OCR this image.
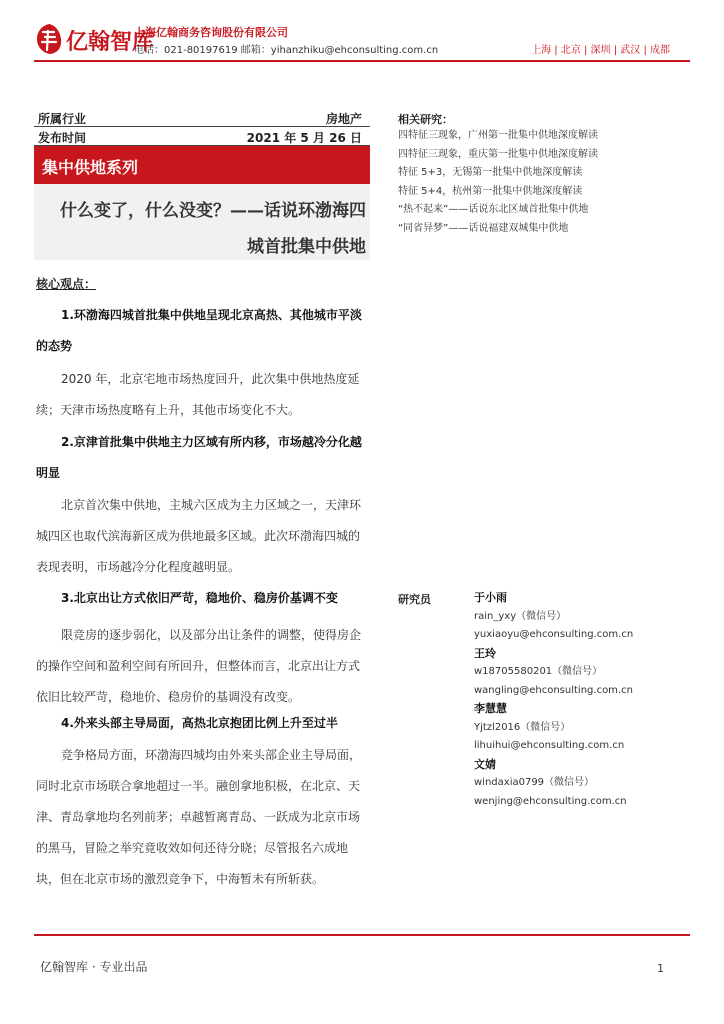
亿翰智库
上海亿翰商务咨询股份有限公司
电话：021-80197619 邮箱：yihanzhiku@ehconsulting.com.cn	上海 | 北京 | 深圳 | 武汉 | 成都
所属行业	房地产
发布时间	2021 年 5 月 26 日
集中供地系列
什么变了，什么没变？——话说环渤海四
城首批集中供地
相关研究：
四特征三现象，广州第一批集中供地深度解读
四特征三现象，重庆第一批集中供地深度解读
特征 5+3，无锡第一批集中供地深度解读
特征 5+4，杭州第一批集中供地深度解读
“热不起来”——话说东北区域首批集中供地
“同省异梦”——话说福建双城集中供地
核心观点：
1.环渤海四城首批集中供地呈现北京高热、其他城市平淡的态势
2020 年，北京宅地市场热度回升，此次集中供地热度延续；天津市场热度略有上升，其他市场变化不大。
2.京津首批集中供地主力区域有所内移，市场越冷分化越明显
北京首次集中供地，主城六区成为主力区域之一，天津环城四区也取代滨海新区成为供地最多区域。此次环渤海四城的表现表明，市场越冷分化程度越明显。
3.北京出让方式依旧严苛，稳地价、稳房价基调不变
限竞房的逐步弱化，以及部分出让条件的调整，使得房企的操作空间和盈利空间有所回升，但整体而言，北京出让方式依旧比较严苛，稳地价、稳房价的基调没有改变。
4.外来头部主导局面，高热北京抱团比例上升至过半
竞争格局方面，环渤海四城均由外来头部企业主导局面，同时北京市场联合拿地超过一半。融创拿地积极，在北京、天津、青岛拿地均名列前茅；卓越暂离青岛、一跃成为北京市场的黑马，冒险之举究竟收效如何还待分晓；尽管报名六成地块，但在北京市场的激烈竞争下，中海暂未有所斩获。
研究员	于小雨
rain_yxy（微信号）
yuxiaoyu@ehconsulting.com.cn
王玲
w18705580201（微信号）
wangling@ehconsulting.com.cn
李慧慧
Yjtzl2016（微信号）
lihuihui@ehconsulting.com.cn
文婧
windaxia0799（微信号）
wenjing@ehconsulting.com.cn
亿翰智库 · 专业出品	1
